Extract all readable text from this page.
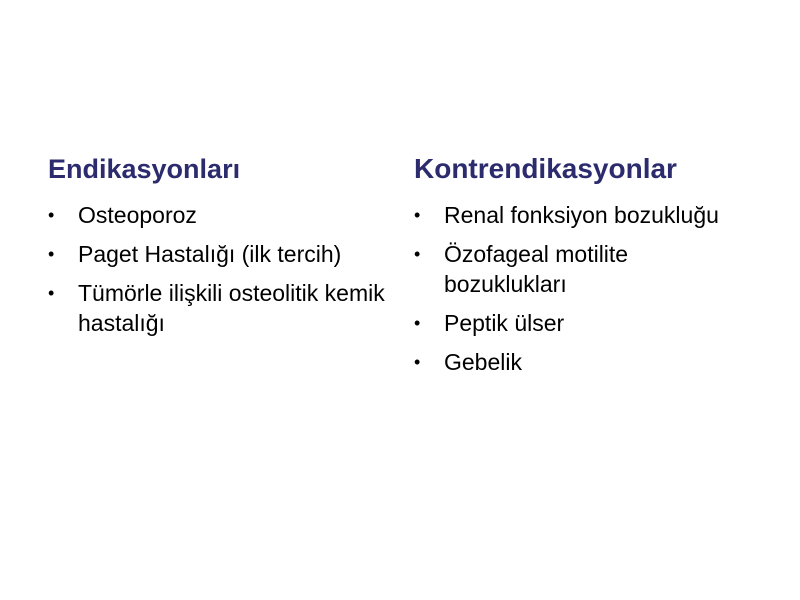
Endikasyonları
•	Osteoporoz
•	Paget Hastalığı (ilk tercih)
•	Tümörle ilişkili osteolitik kemik hastalığı
Kontrendikasyonlar
•	Renal fonksiyon bozukluğu
•	Özofageal motilite bozuklukları
•	Peptik ülser
•	Gebelik
